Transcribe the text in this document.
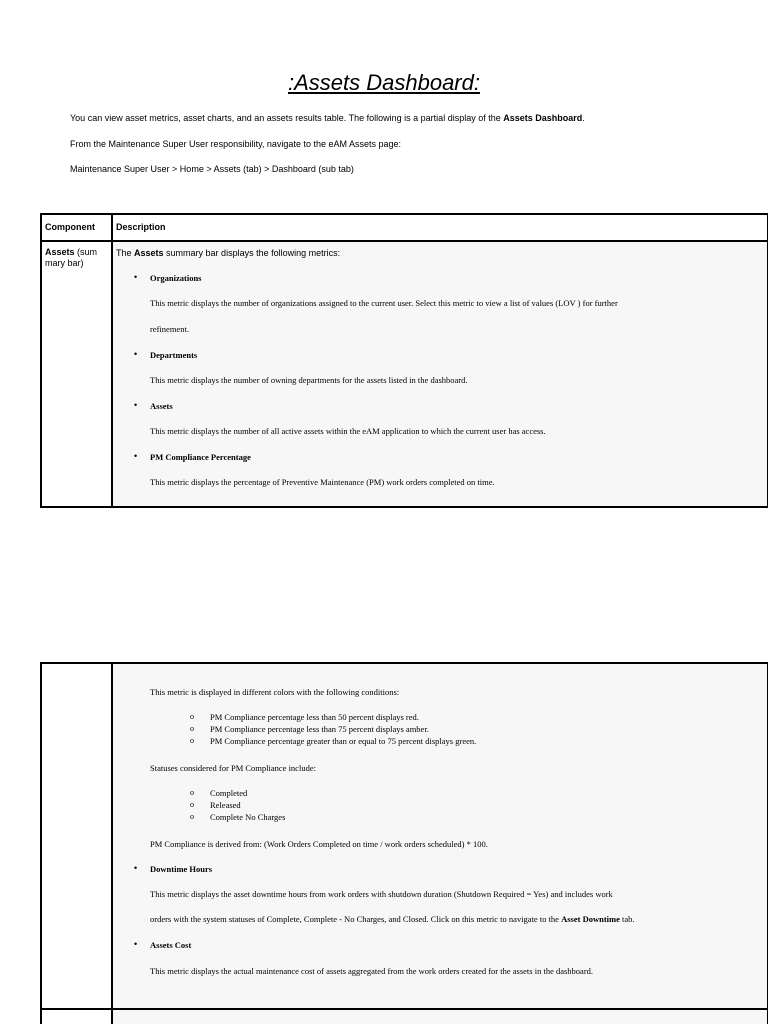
:Assets Dashboard:

You can view asset metrics, asset charts, and an assets results table. The following is a partial display of the Assets Dashboard.

From the Maintenance Super User responsibility, navigate to the eAM Assets page:

Maintenance Super User > Home > Assets (tab) > Dashboard (sub tab)

Component Description
Assets (sum
mary bar)

The Assets summary bar displays the following metrics:

• Organizations

This metric displays the number of organizations assigned to the current user. Select this metric to view a list of values (LOV ) for further

refinement.

• Departments

This metric displays the number of owning departments for the assets listed in the dashboard.

• Assets

This metric displays the number of all active assets within the eAM application to which the current user has access.

• PM Compliance Percentage

This metric displays the percentage of Preventive Maintenance (PM) work orders completed on time.

This metric is displayed in different colors with the following conditions:

o PM Compliance percentage less than 50 percent displays red.

o PM Compliance percentage less than 75 percent displays amber.

o PM Compliance percentage greater than or equal to 75 percent displays green.

Statuses considered for PM Compliance include:

o Completed

o Released

o Complete No Charges

PM Compliance is derived from: (Work Orders Completed on time / work orders scheduled) * 100.

• Downtime Hours

This metric displays the asset downtime hours from work orders with shutdown duration (Shutdown Required = Yes) and includes work

orders with the system statuses of Complete, Complete - No Charges, and Closed. Click on this metric to navigate to the Asset Downtime tab.

• Assets Cost

This metric displays the actual maintenance cost of assets aggregated from the work orders created for the assets in the dashboard.
